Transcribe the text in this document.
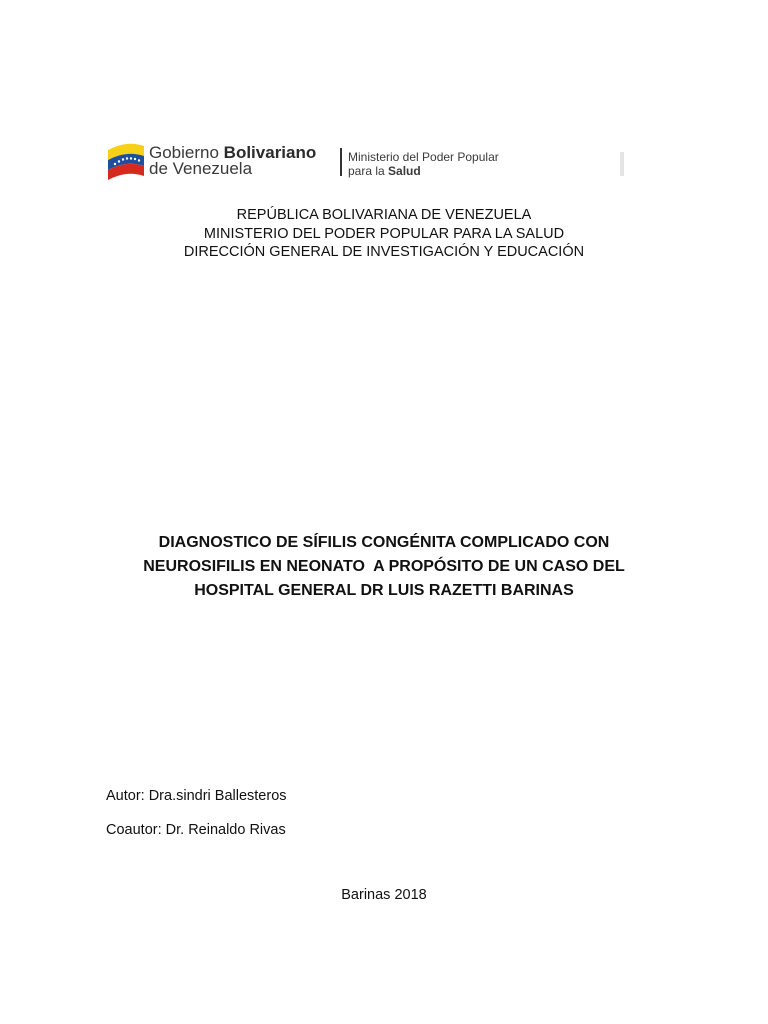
Gobierno Bolivariano
de Venezuela
Ministerio del Poder Popular
para la Salud
REPÚBLICA BOLIVARIANA DE VENEZUELA
MINISTERIO DEL PODER POPULAR PARA LA SALUD
DIRECCIÓN GENERAL DE INVESTIGACIÓN Y EDUCACIÓN
DIAGNOSTICO DE SÍFILIS CONGÉNITA COMPLICADO CON
NEUROSIFILIS EN NEONATO  A PROPÓSITO DE UN CASO DEL
HOSPITAL GENERAL DR LUIS RAZETTI BARINAS
Autor: Dra.sindri Ballesteros
Coautor: Dr. Reinaldo Rivas
Barinas 2018
